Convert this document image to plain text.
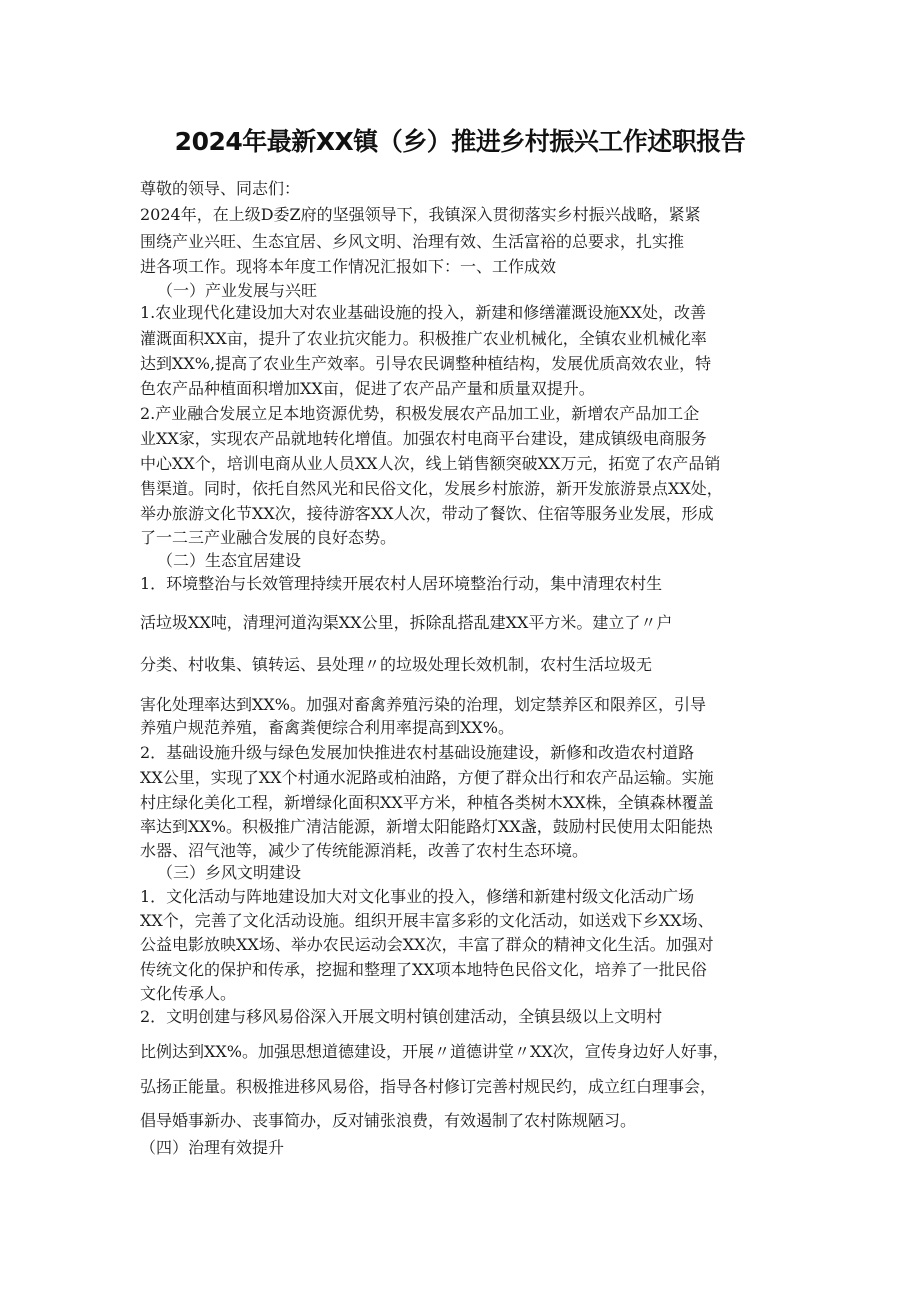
2024年最新XX镇（乡）推进乡村振兴工作述职报告
尊敬的领导、同志们：
2024年，在上级D委Z府的坚强领导下，我镇深入贯彻落实乡村振兴战略，紧紧
围绕产业兴旺、生态宜居、乡风文明、治理有效、生活富裕的总要求，扎实推
进各项工作。现将本年度工作情况汇报如下：一、工作成效
（一）产业发展与兴旺
1.农业现代化建设加大对农业基础设施的投入，新建和修缮灌溉设施XX处，改善
灌溉面积XX亩，提升了农业抗灾能力。积极推广农业机械化，全镇农业机械化率
达到XX%,提高了农业生产效率。引导农民调整种植结构，发展优质高效农业，特
色农产品种植面积增加XX亩，促进了农产品产量和质量双提升。
2.产业融合发展立足本地资源优势，积极发展农产品加工业，新增农产品加工企
业XX家，实现农产品就地转化增值。加强农村电商平台建设，建成镇级电商服务
中心XX个，培训电商从业人员XX人次，线上销售额突破XX万元，拓宽了农产品销
售渠道。同时，依托自然风光和民俗文化，发展乡村旅游，新开发旅游景点XX处，
举办旅游文化节XX次，接待游客XX人次，带动了餐饮、住宿等服务业发展，形成
了一二三产业融合发展的良好态势。
（二）生态宜居建设
1．环境整治与长效管理持续开展农村人居环境整治行动，集中清理农村生
活垃圾XX吨，清理河道沟渠XX公里，拆除乱搭乱建XX平方米。建立了〃户
分类、村收集、镇转运、县处理〃的垃圾处理长效机制，农村生活垃圾无
害化处理率达到XX%。加强对畜禽养殖污染的治理，划定禁养区和限养区，引导
养殖户规范养殖，畜禽粪便综合利用率提高到XX%。
2．基础设施升级与绿色发展加快推进农村基础设施建设，新修和改造农村道路
XX公里，实现了XX个村通水泥路或柏油路，方便了群众出行和农产品运输。实施
村庄绿化美化工程，新增绿化面积XX平方米，种植各类树木XX株，全镇森林覆盖
率达到XX%。积极推广清洁能源，新增太阳能路灯XX盏，鼓励村民使用太阳能热
水器、沼气池等，减少了传统能源消耗，改善了农村生态环境。
（三）乡风文明建设
1．文化活动与阵地建设加大对文化事业的投入，修缮和新建村级文化活动广场
XX个，完善了文化活动设施。组织开展丰富多彩的文化活动，如送戏下乡XX场、
公益电影放映XX场、举办农民运动会XX次，丰富了群众的精神文化生活。加强对
传统文化的保护和传承，挖掘和整理了XX项本地特色民俗文化，培养了一批民俗
文化传承人。
2．文明创建与移风易俗深入开展文明村镇创建活动，全镇县级以上文明村
比例达到XX%。加强思想道德建设，开展〃道德讲堂〃XX次，宣传身边好人好事，
弘扬正能量。积极推进移风易俗，指导各村修订完善村规民约，成立红白理事会，
倡导婚事新办、丧事简办，反对铺张浪费，有效遏制了农村陈规陋习。
（四）治理有效提升
